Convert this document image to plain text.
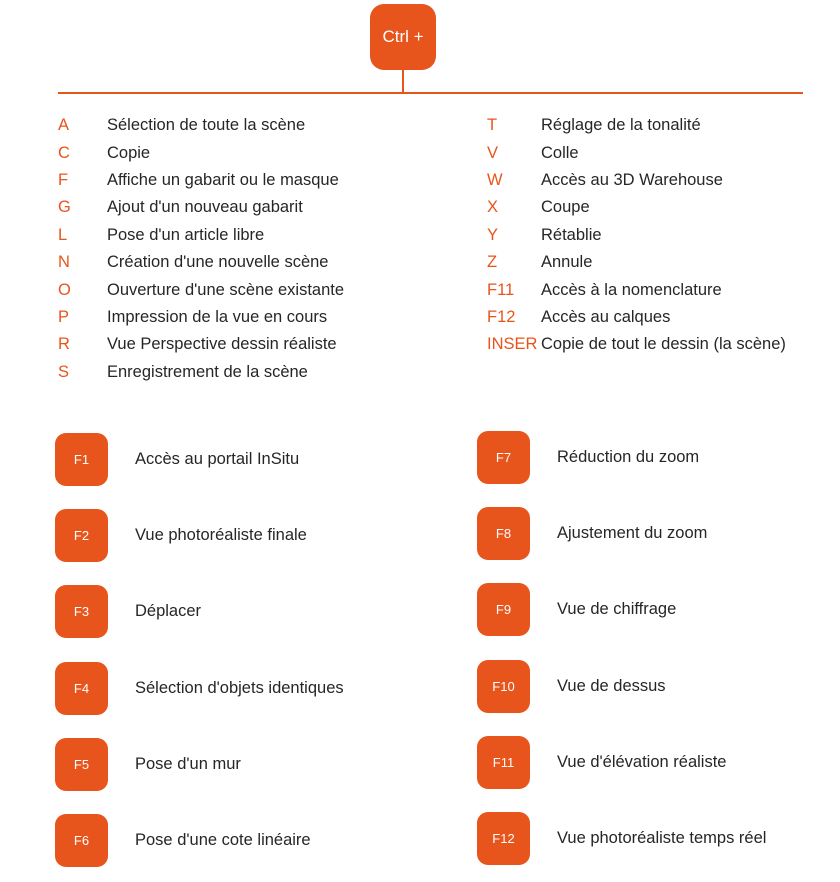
Ctrl +
A	Sélection de toute la scène
C	Copie
F	Affiche un gabarit ou le masque
G	Ajout d'un nouveau gabarit
L	Pose d'un article libre
N	Création d'une nouvelle scène
O	Ouverture d'une scène existante
P	Impression de la vue en cours
R	Vue Perspective dessin réaliste
S	Enregistrement de la scène
T	Réglage de la tonalité
V	Colle
W	Accès au 3D Warehouse
X	Coupe
Y	Rétablie
Z	Annule
F11	Accès à la nomenclature
F12	Accès au calques
INSER Copie de tout le dessin (la scène)
F1	Accès au portail InSitu
F2	Vue photoréaliste finale
F3	Déplacer
F4	Sélection d'objets identiques
F5	Pose d'un mur
F6	Pose d'une cote linéaire
F7	Réduction du zoom
F8	Ajustement du zoom
F9	Vue de chiffrage
F10	Vue de dessus
F11	Vue d'élévation réaliste
F12	Vue photoréaliste temps réel
